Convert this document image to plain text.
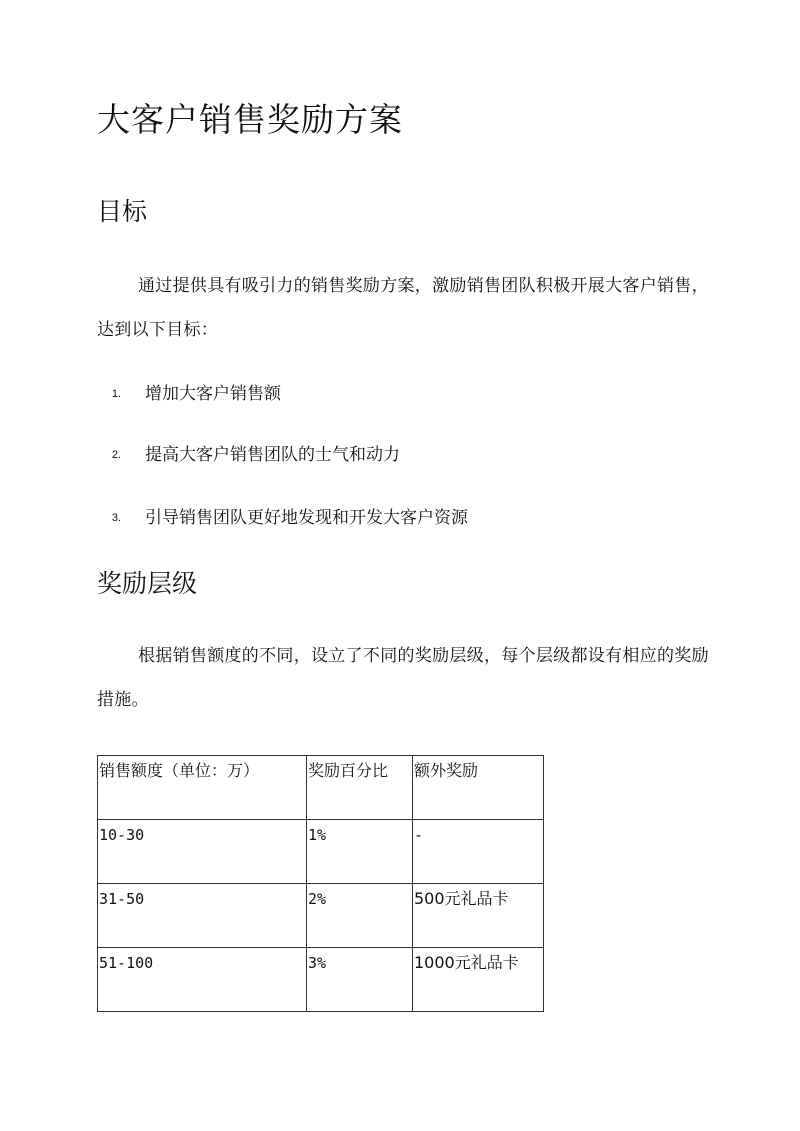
大客户销售奖励方案
目标

通过提供具有吸引力的销售奖励方案，激励销售团队积极开展大客户销售，达到以下目标：

1. 增加大客户销售额

2. 提高大客户销售团队的士气和动力

3. 引导销售团队更好地发现和开发大客户资源

奖励层级

根据销售额度的不同，设立了不同的奖励层级，每个层级都设有相应的奖励措施。

销售额度（单位：万）	奖励百分比	额外奖励
10-30	1%	-
31-50	2%	500元礼品卡
51-100	3%	1000元礼品卡
